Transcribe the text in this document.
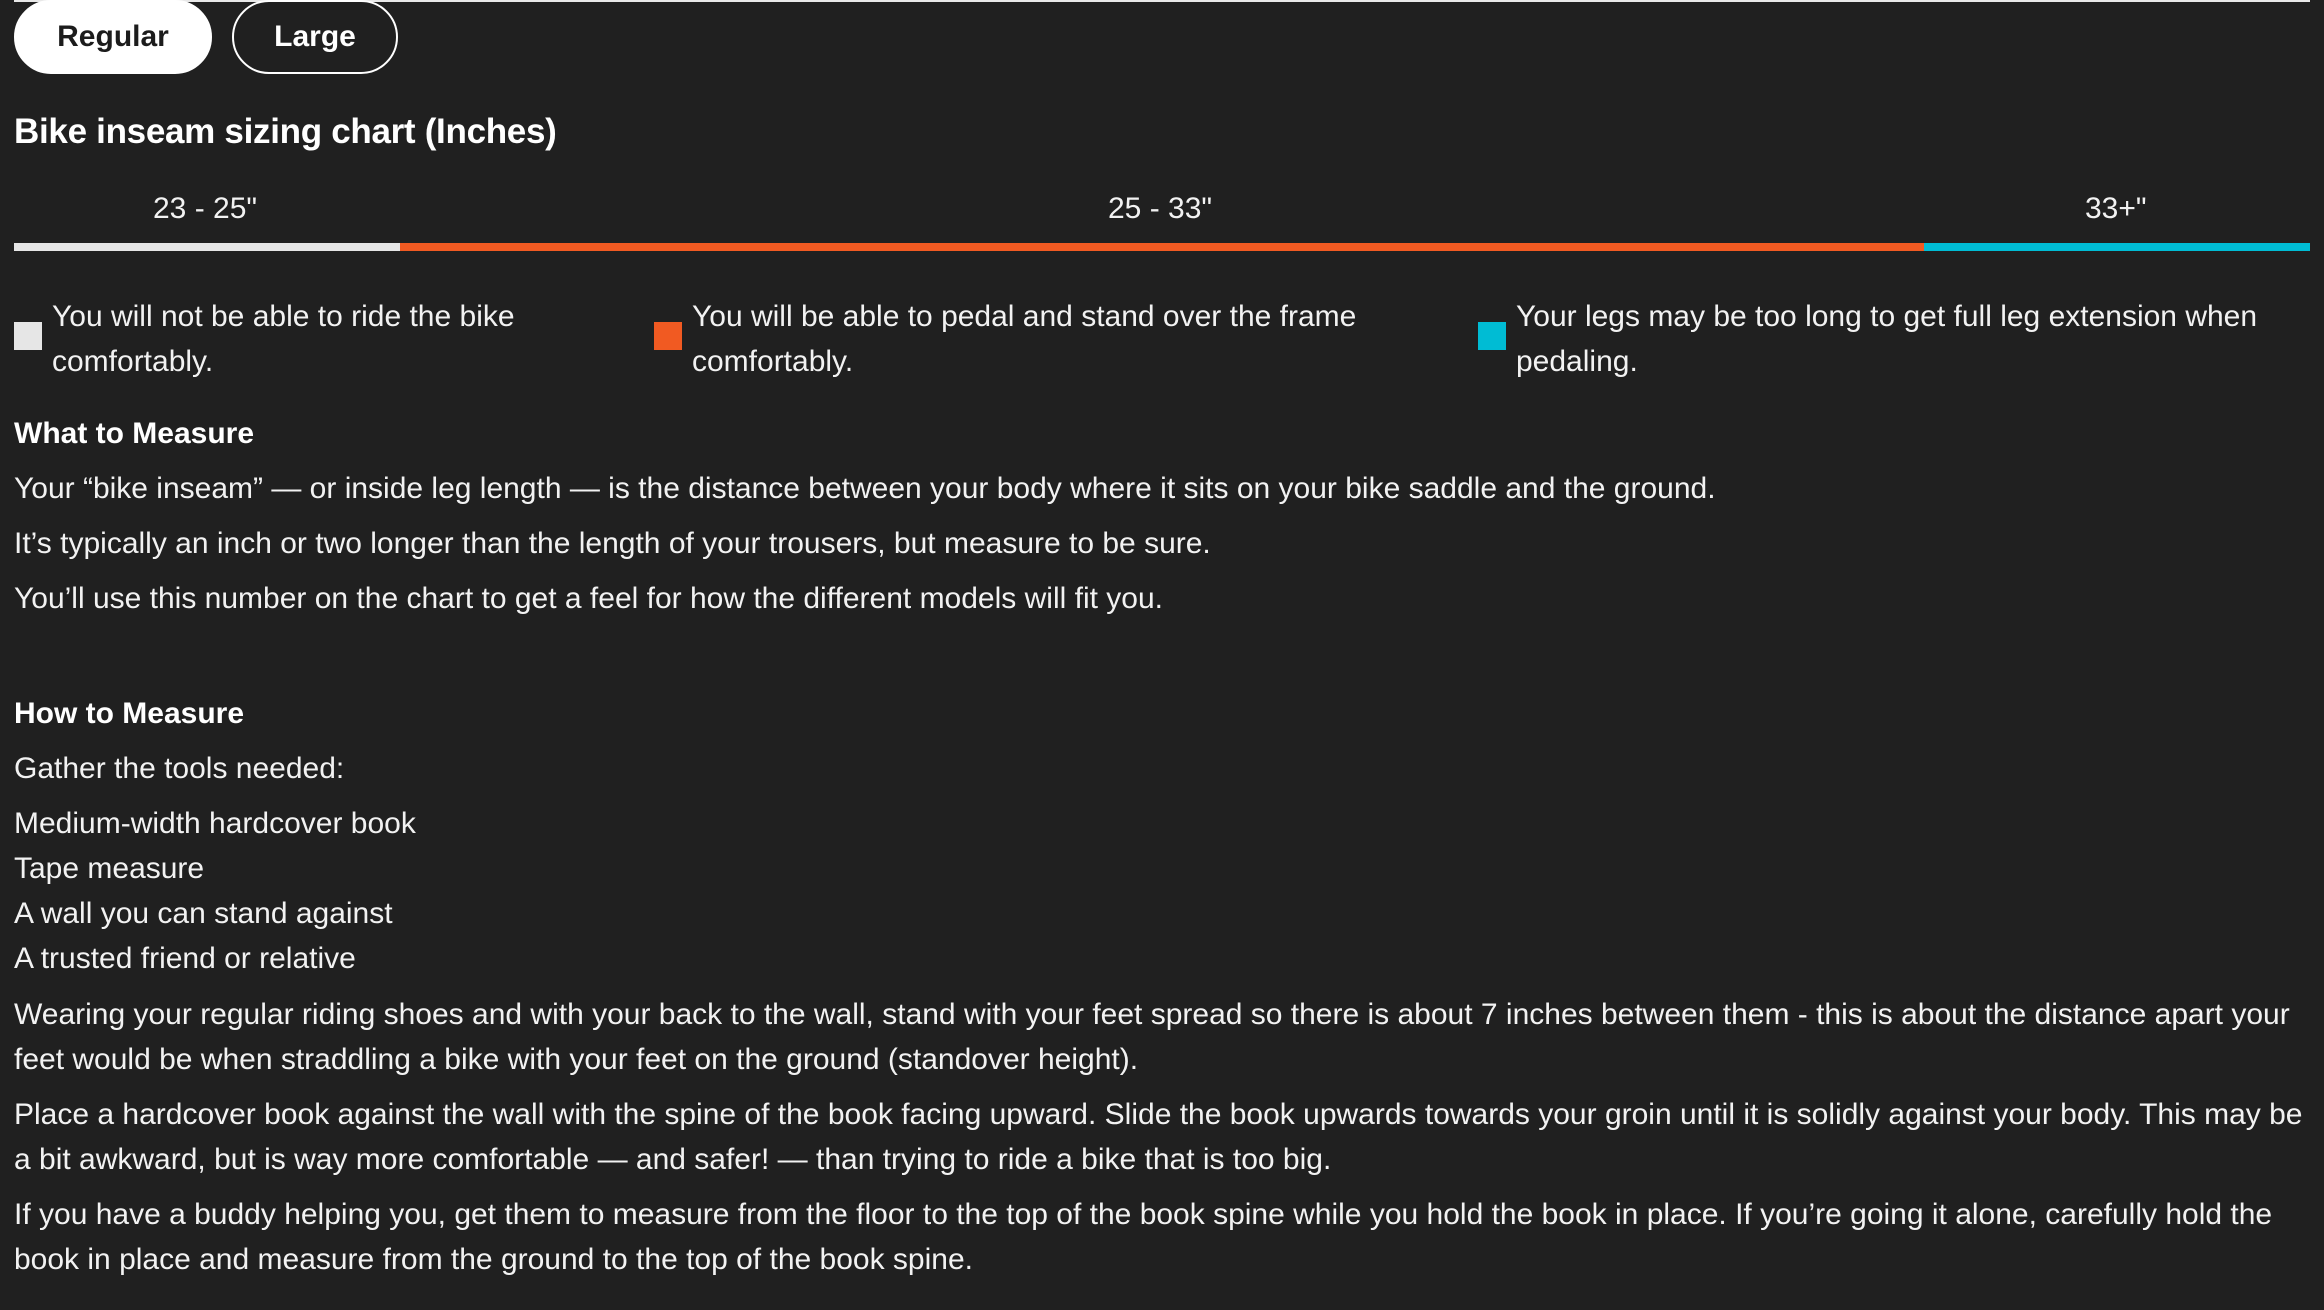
Regular	Large
Bike inseam sizing chart (Inches)
23 - 25"	25 - 33"	33+"
You will not be able to ride the bike comfortably.
You will be able to pedal and stand over the frame comfortably.
Your legs may be too long to get full leg extension when pedaling.
What to Measure
Your “bike inseam” — or inside leg length — is the distance between your body where it sits on your bike saddle and the ground.
It’s typically an inch or two longer than the length of your trousers, but measure to be sure.
You’ll use this number on the chart to get a feel for how the different models will fit you.
How to Measure
Gather the tools needed:
Medium-width hardcover book
Tape measure
A wall you can stand against
A trusted friend or relative
Wearing your regular riding shoes and with your back to the wall, stand with your feet spread so there is about 7 inches between them - this is about the distance apart your feet would be when straddling a bike with your feet on the ground (standover height).
Place a hardcover book against the wall with the spine of the book facing upward. Slide the book upwards towards your groin until it is solidly against your body. This may be a bit awkward, but is way more comfortable — and safer! — than trying to ride a bike that is too big.
If you have a buddy helping you, get them to measure from the floor to the top of the book spine while you hold the book in place. If you’re going it alone, carefully hold the book in place and measure from the ground to the top of the book spine.
